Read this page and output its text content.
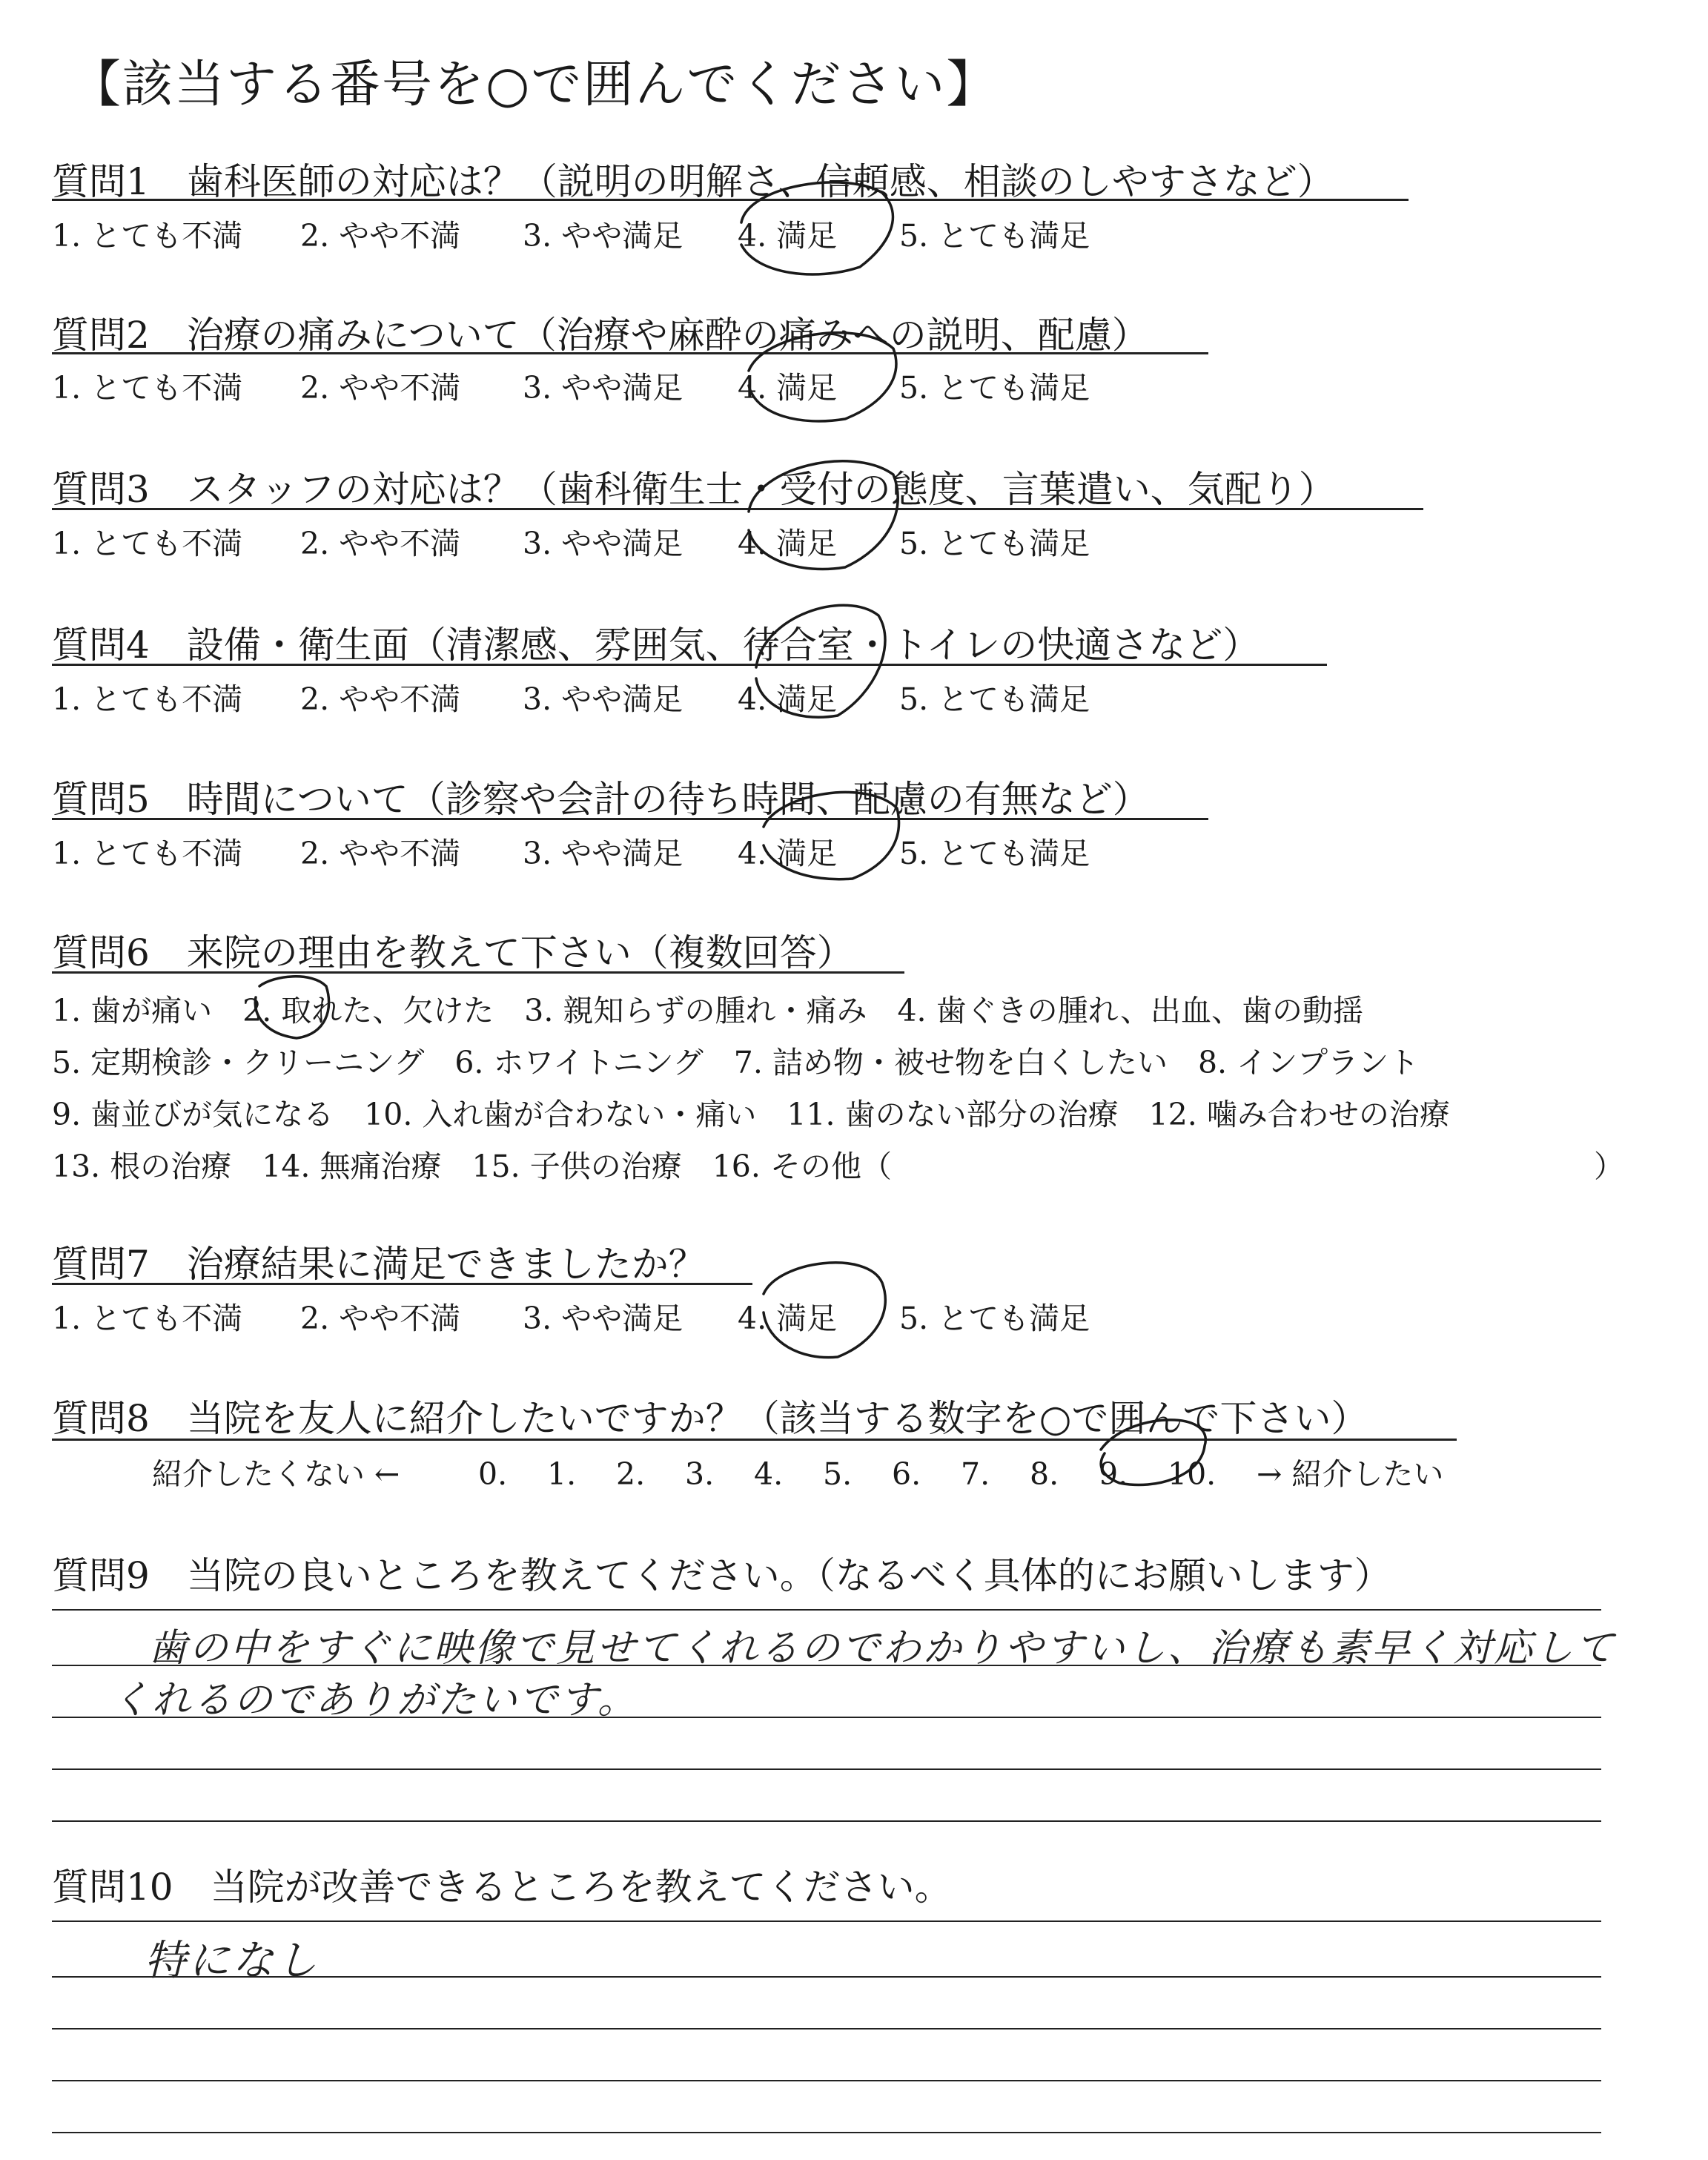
【該当する番号を○で囲んでください】
質問1　歯科医師の対応は？（説明の明解さ、信頼感、相談のしやすさなど）
1. とても不満 2. やや不満 3. やや満足 4. 満足 5. とても満足
質問2　治療の痛みについて（治療や麻酔の痛みへの説明、配慮）
1. とても不満 2. やや不満 3. やや満足 4. 満足 5. とても満足
質問3　スタッフの対応は？（歯科衛生士・受付の態度、言葉遣い、気配り）
1. とても不満 2. やや不満 3. やや満足 4. 満足 5. とても満足
質問4　設備・衛生面（清潔感、雰囲気、待合室・トイレの快適さなど）
1. とても不満 2. やや不満 3. やや満足 4. 満足 5. とても満足
質問5　時間について（診察や会計の待ち時間、配慮の有無など）
1. とても不満 2. やや不満 3. やや満足 4. 満足 5. とても満足
質問6　来院の理由を教えて下さい（複数回答）
1. 歯が痛い　2. 取れた、欠けた　3. 親知らずの腫れ・痛み　4. 歯ぐきの腫れ、出血、歯の動揺
5. 定期検診・クリーニング　6. ホワイトニング　7. 詰め物・被せ物を白くしたい　8. インプラント
9. 歯並びが気になる　10. 入れ歯が合わない・痛い　11. 歯のない部分の治療　12. 噛み合わせの治療
13. 根の治療　14. 無痛治療　15. 子供の治療　16. その他（	）
質問7　治療結果に満足できましたか？
1. とても不満 2. やや不満 3. やや満足 4. 満足 5. とても満足
質問8　当院を友人に紹介したいですか？（該当する数字を○で囲んで下さい）
紹介したくない ←	0. 1. 2. 3. 4. 5. 6. 7. 8. 9. 10. → 紹介したい
質問9　当院の良いところを教えてください。（なるべく具体的にお願いします）
歯の中をすぐに映像で見せてくれるのでわかりやすいし、治療も素早く対応して
くれるのでありがたいです。
質問10　当院が改善できるところを教えてください。
特になし
